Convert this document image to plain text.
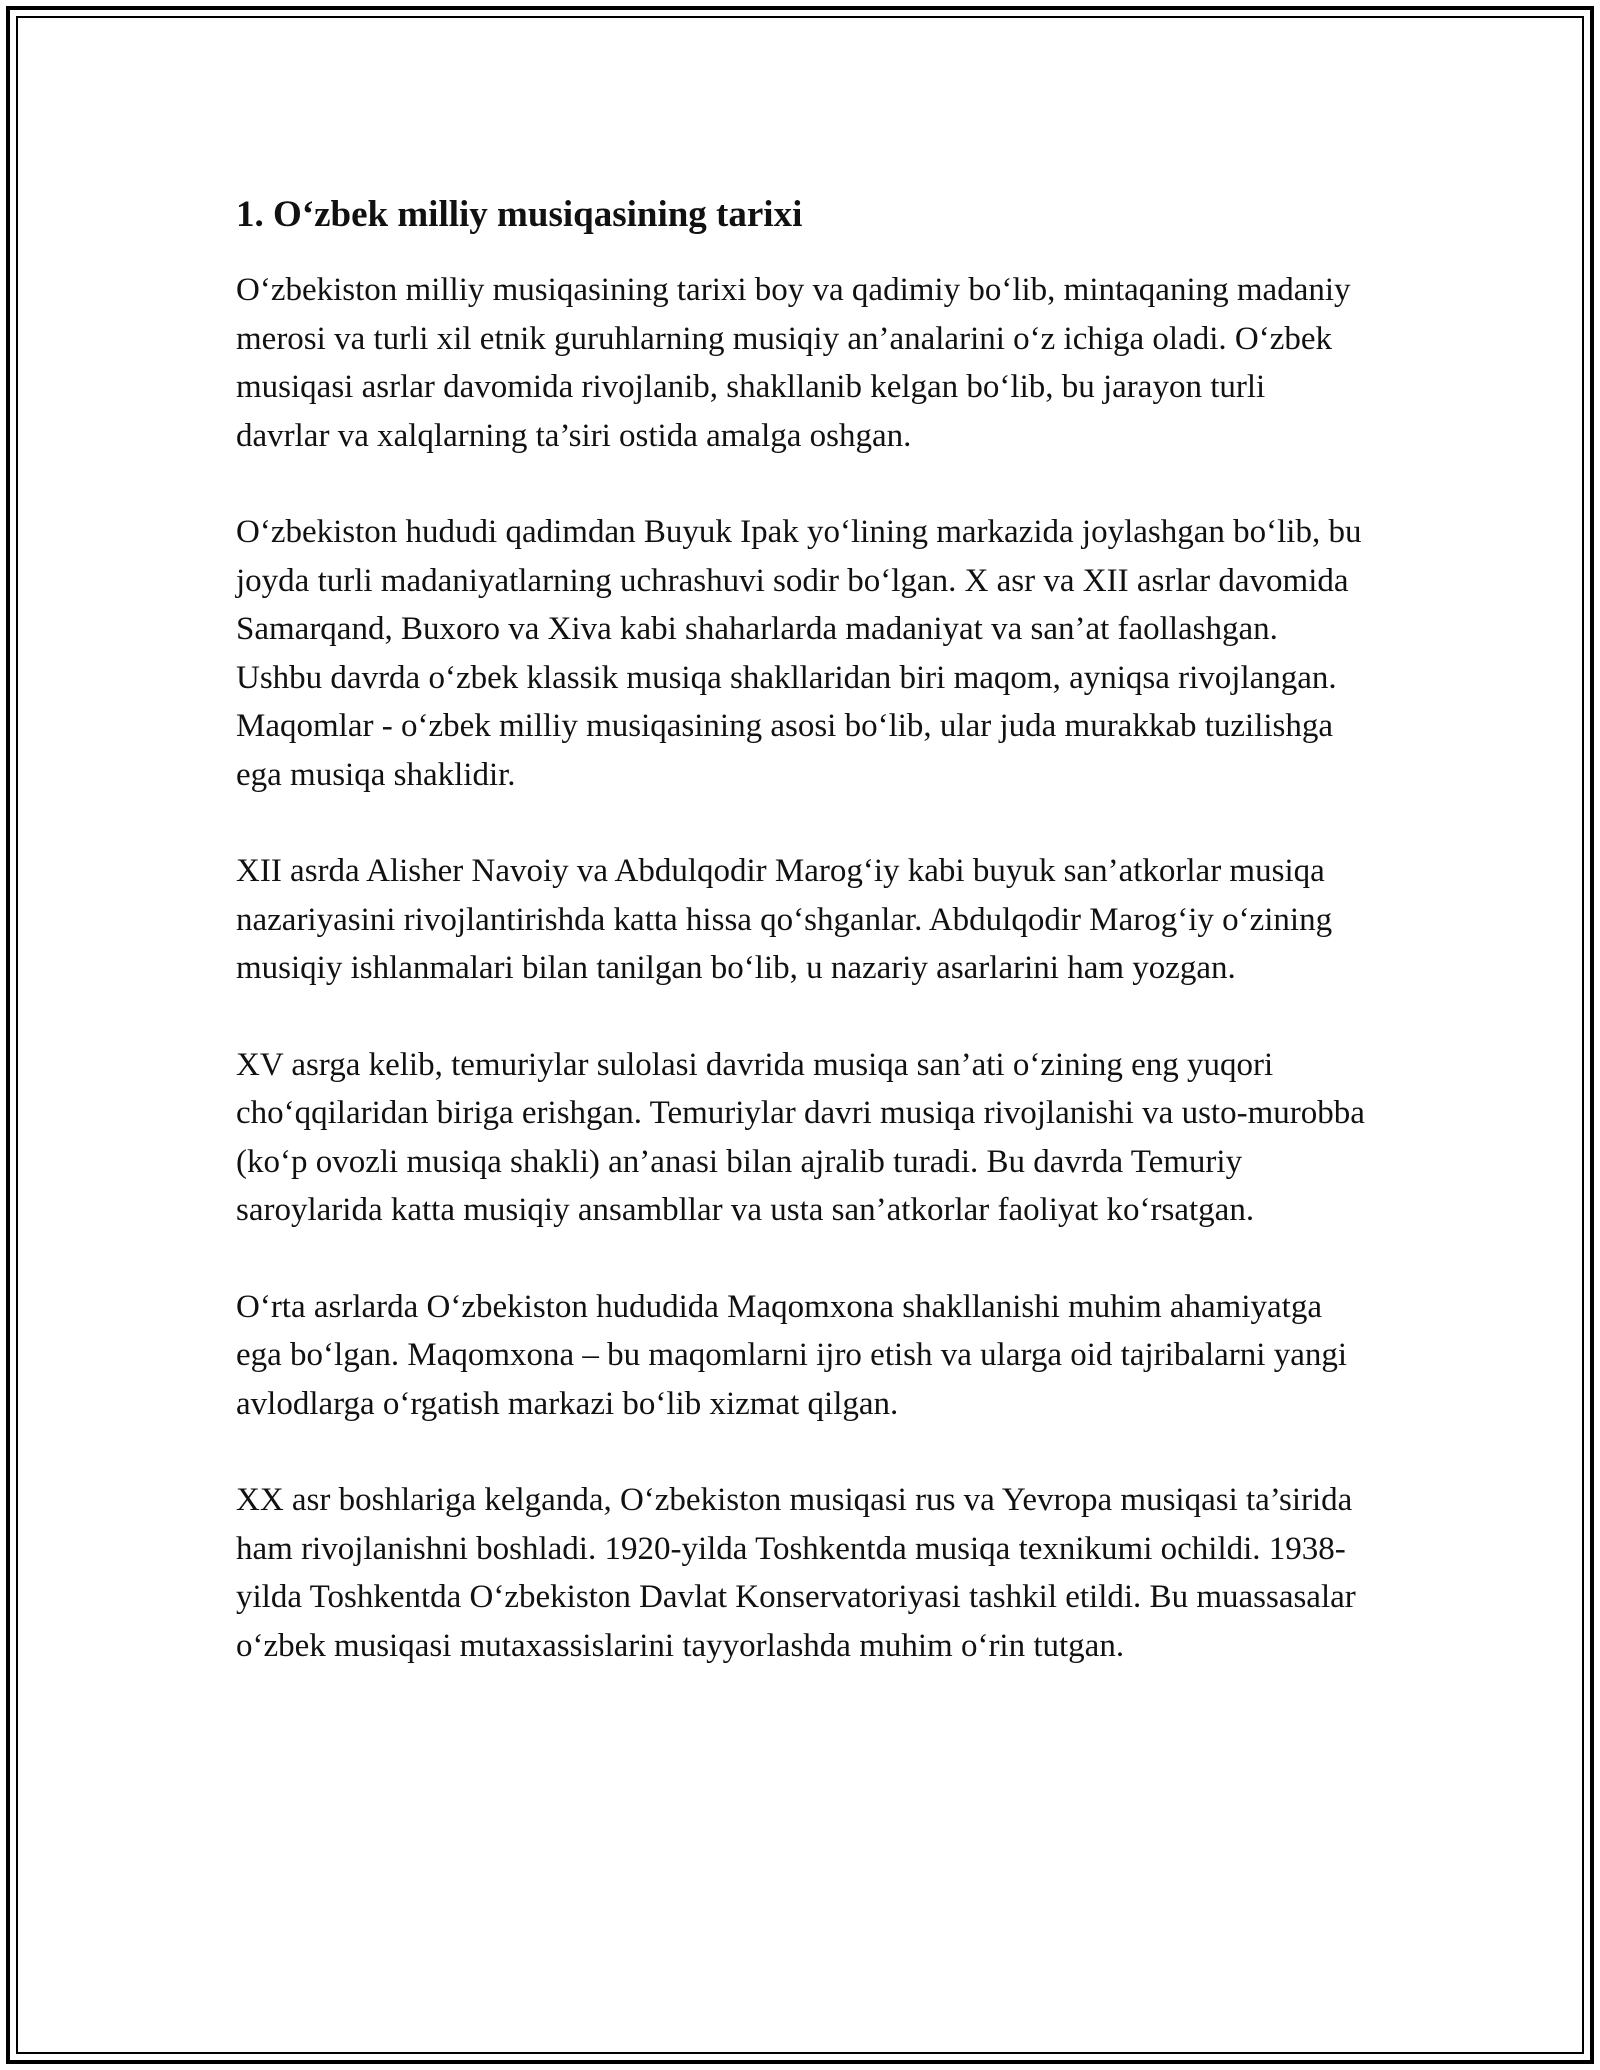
1. O‘zbek milliy musiqasining tarixi

O‘zbekiston milliy musiqasining tarixi boy va qadimiy bo‘lib, mintaqaning madaniy merosi va turli xil etnik guruhlarning musiqiy an’analarini o‘z ichiga oladi. O‘zbek musiqasi asrlar davomida rivojlanib, shakllanib kelgan bo‘lib, bu jarayon turli davrlar va xalqlarning ta’siri ostida amalga oshgan.

O‘zbekiston hududi qadimdan Buyuk Ipak yo‘lining markazida joylashgan bo‘lib, bu joyda turli madaniyatlarning uchrashuvi sodir bo‘lgan. X asr va XII asrlar davomida Samarqand, Buxoro va Xiva kabi shaharlarda madaniyat va san’at faollashgan. Ushbu davrda o‘zbek klassik musiqa shakllaridan biri maqom, ayniqsa rivojlangan. Maqomlar - o‘zbek milliy musiqasining asosi bo‘lib, ular juda murakkab tuzilishga ega musiqa shaklidir.

XII asrda Alisher Navoiy va Abdulqodir Marog‘iy kabi buyuk san’atkorlar musiqa nazariyasini rivojlantirishda katta hissa qo‘shganlar. Abdulqodir Marog‘iy o‘zining musiqiy ishlanmalari bilan tanilgan bo‘lib, u nazariy asarlarini ham yozgan.

XV asrga kelib, temuriylar sulolasi davrida musiqa san’ati o‘zining eng yuqori cho‘qqilaridan biriga erishgan. Temuriylar davri musiqa rivojlanishi va usto-murobba (ko‘p ovozli musiqa shakli) an’anasi bilan ajralib turadi. Bu davrda Temuriy saroylarida katta musiqiy ansambllar va usta san’atkorlar faoliyat ko‘rsatgan.

O‘rta asrlarda O‘zbekiston hududida Maqomxona shakllanishi muhim ahamiyatga ega bo‘lgan. Maqomxona – bu maqomlarni ijro etish va ularga oid tajribalarni yangi avlodlarga o‘rgatish markazi bo‘lib xizmat qilgan.

XX asr boshlariga kelganda, O‘zbekiston musiqasi rus va Yevropa musiqasi ta’sirida ham rivojlanishni boshladi. 1920-yilda Toshkentda musiqa texnikumi ochildi. 1938-yilda Toshkentda O‘zbekiston Davlat Konservatoriyasi tashkil etildi. Bu muassasalar o‘zbek musiqasi mutaxassislarini tayyorlashda muhim o‘rin tutgan.
